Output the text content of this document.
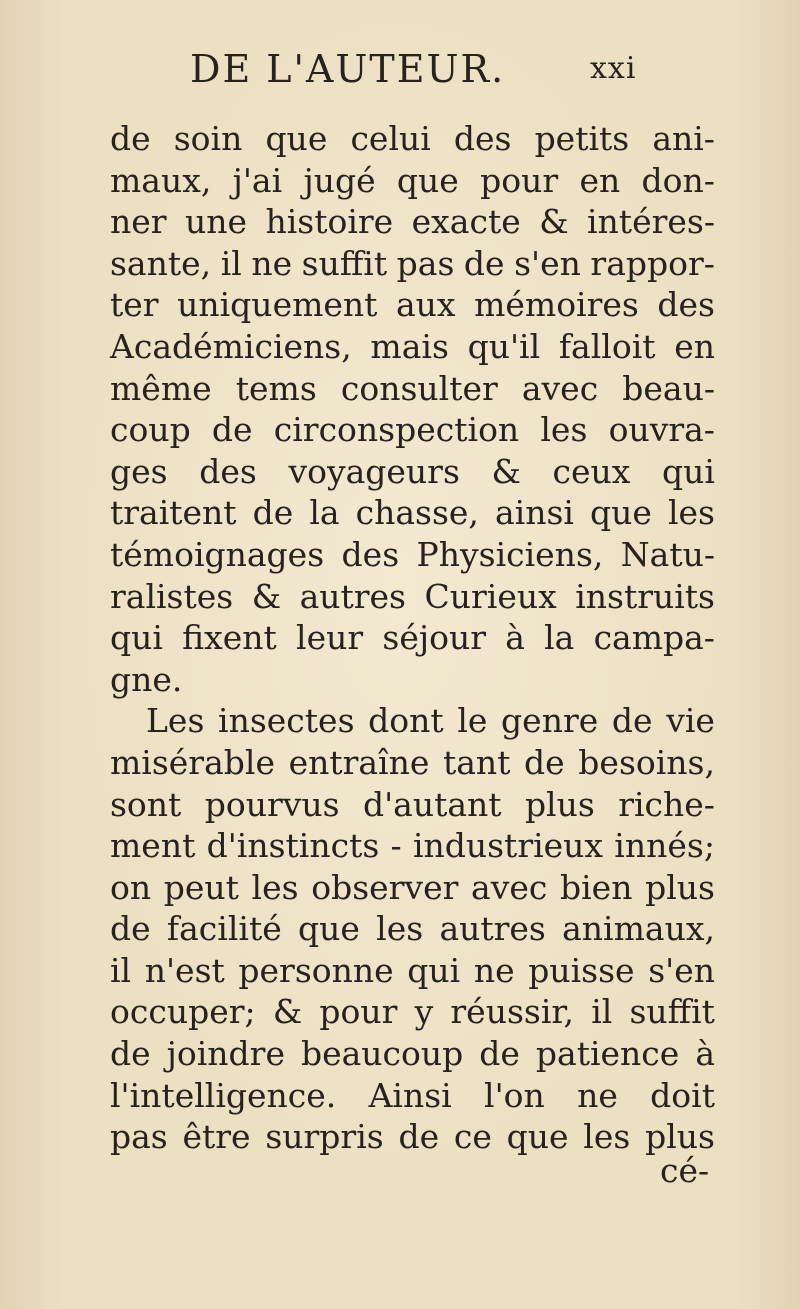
DE L'AUTEUR.	xxi
de soin que celui des petits ani-
maux, j'ai jugé que pour en don-
ner une histoire exacte & intéres-
sante, il ne suffit pas de s'en rappor-
ter uniquement aux mémoires des
Académiciens, mais qu'il falloit en
même tems consulter avec beau-
coup de circonspection les ouvra-
ges des voyageurs & ceux qui
traitent de la chasse, ainsi que les
témoignages des Physiciens, Natu-
ralistes & autres Curieux instruits
qui fixent leur séjour à la campa-
gne.
Les insectes dont le genre de vie
misérable entraîne tant de besoins,
sont pourvus d'autant plus riche-
ment d'instincts - industrieux innés;
on peut les observer avec bien plus
de facilité que les autres animaux,
il n'est personne qui ne puisse s'en
occuper; & pour y réussir, il suffit
de joindre beaucoup de patience à
l'intelligence. Ainsi l'on ne doit
pas être surpris de ce que les plus
cé-
